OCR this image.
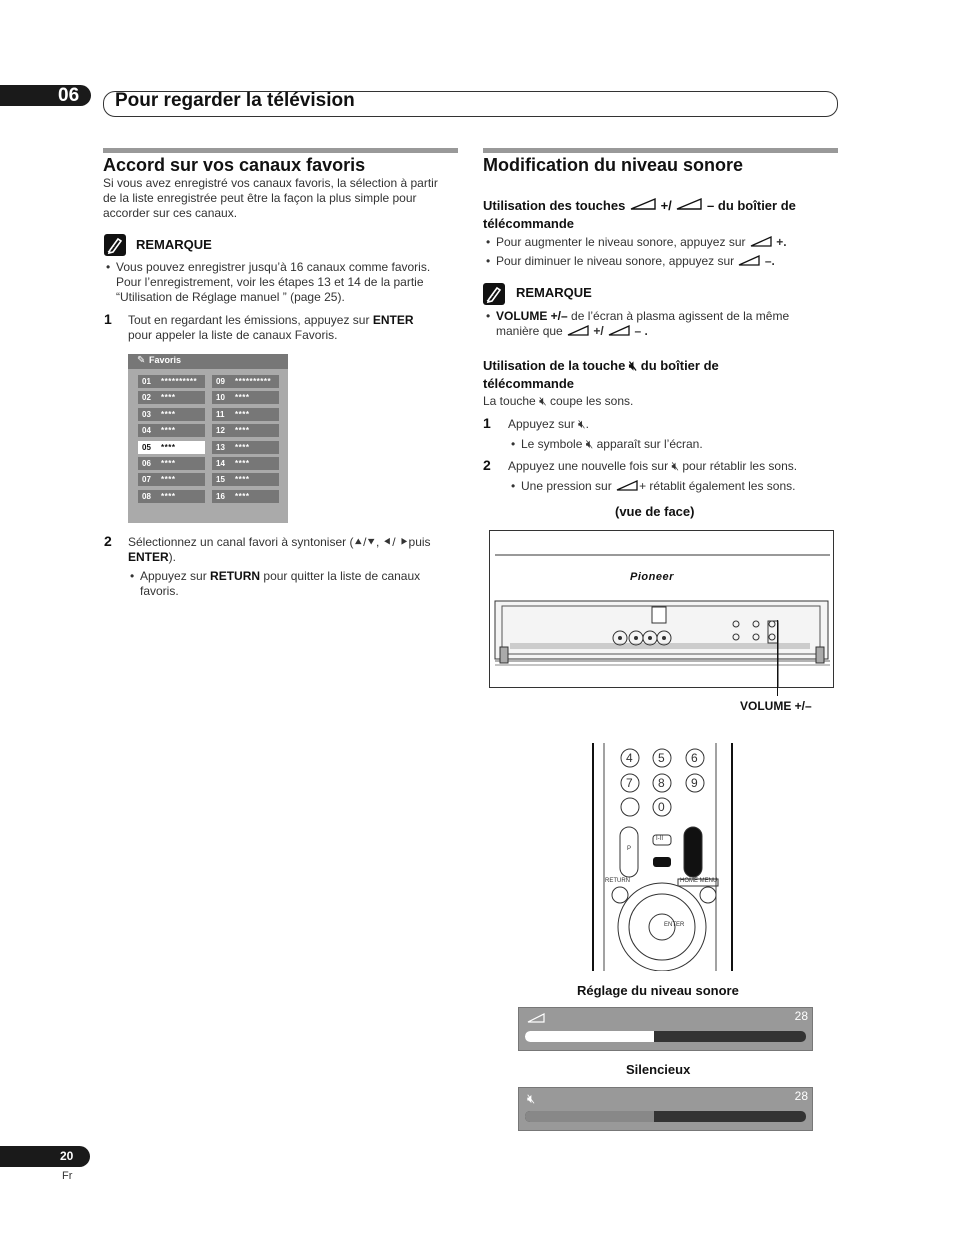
06 Pour regarder la télévision
Accord sur vos canaux favoris
Si vous avez enregistré vos canaux favoris, la sélection à partir
de la liste enregistrée peut être la façon la plus simple pour
accorder sur ces canaux.
REMARQUE
• Vous pouvez enregistrer jusqu’à 16 canaux comme favoris.
Pour l’enregistrement, voir les étapes 13 et 14 de la partie
“Utilisation de Réglage manuel ” (page 25).
1 Tout en regardant les émissions, appuyez sur ENTER
pour appeler la liste de canaux Favoris.
✎ Favoris
01 **********
02 ****
03 ****
04 ****
05 ****
06 ****
07 ****
08 ****
09 **********
10 ****
11 ****
12 ****
13 ****
14 ****
15 ****
16 ****
2 Sélectionnez un canal favori à syntoniser (⯅/⯆, ⯇/ ⯈puis
ENTER).
• Appuyez sur RETURN pour quitter la liste de canaux
favoris.
Modification du niveau sonore
Utilisation des touches	+/	– du boîtier de
télécommande
• Pour augmenter le niveau sonore, appuyez sur	+.
• Pour diminuer le niveau sonore, appuyez sur	–.
REMARQUE
• VOLUME +/– de l’écran à plasma agissent de la même
manière que	+/	– .
Utilisation de la touche 🔇︎ du boîtier de
télécommande
La touche 🔇︎ coupe les sons.
1 Appuyez sur 🔇︎.
• Le symbole 🔇︎ apparaît sur l’écran.
2 Appuyez une nouvelle fois sur 🔇︎ pour rétablir les sons.
• Une pression sur + rétablit également les sons.
(vue de face)
Pioneer
VOLUME +/–
4 5 6
7 8 9
0
ENTER
RETURN	HOME MENU
P
I-II
Réglage du niveau sonore
28
Silencieux
🔇︎	28
20
Fr
